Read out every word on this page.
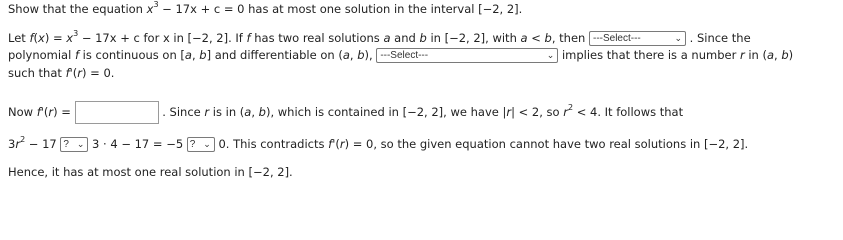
Show that the equation $x^3 - 17x + c = 0$ has at most one solution in the interval [−2, 2].
Let $f(x) = x^3 - 17x + c$ for x in [−2, 2]. If f has two real solutions a and b in [−2, 2], with a < b, then ---Select---	⌄ . Since the
polynomial f is continuous on [a, b] and differentiable on (a, b), ---Select---	⌄ implies that there is a number r in (a, b)
such that f'(r) = 0.
Now f'(r) =	. Since r is in (a, b), which is contained in [−2, 2], we have |r| < 2, so $r^2 < 4$. It follows that
$3r^2 - 17$ ? ⌄ 3 · 4 − 17 = −5 ? ⌄ 0. This contradicts f'(r) = 0, so the given equation cannot have two real solutions in [−2, 2].
Hence, it has at most one real solution in [−2, 2].
